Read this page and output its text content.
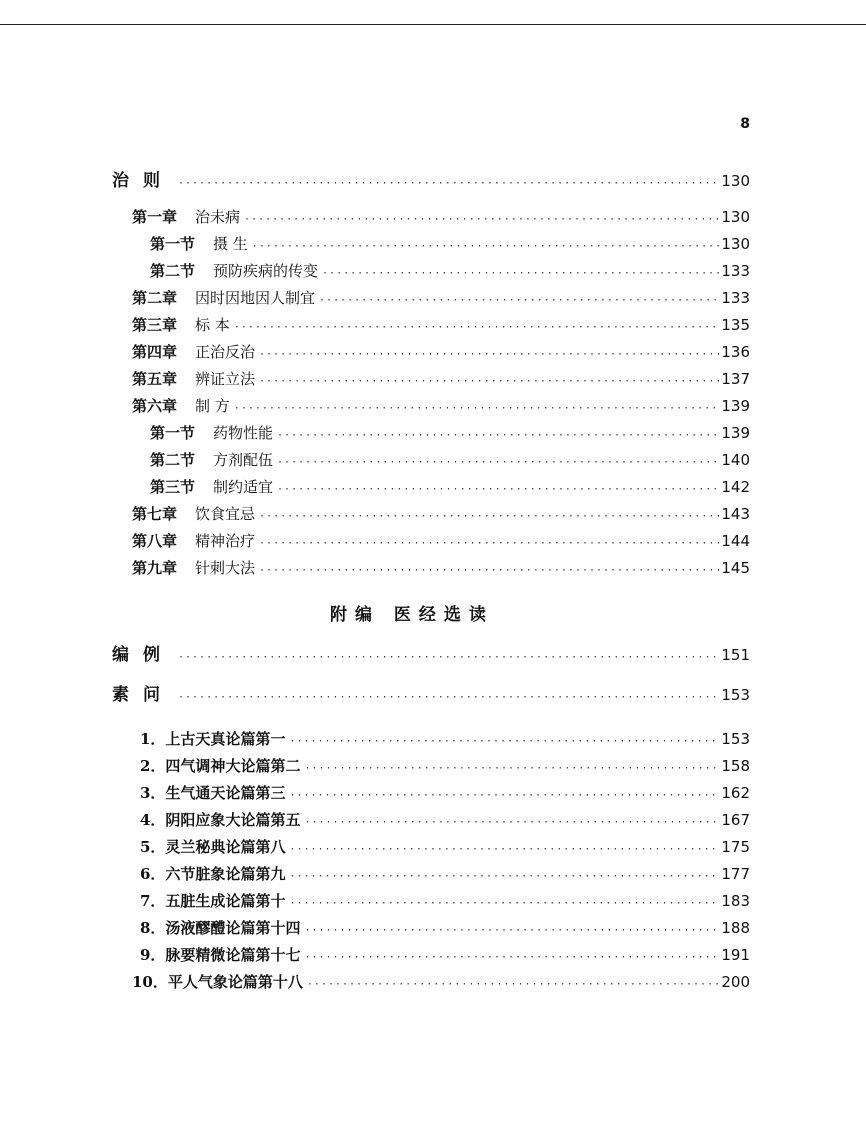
8
治则 ·····	130
第一章 治未病 ·····	130
第一节 摄 生 ·····	130
第二节 预防疾病的传变 ·····	133
第二章 因时因地因人制宜 ·····	133
第三章 标 本 ·····	135
第四章 正治反治 ·····	136
第五章 辨证立法 ·····	137
第六章 制 方 ·····	139
第一节 药物性能 ·····	139
第二节 方剂配伍 ·····	140
第三节 制约适宜 ·····	142
第七章 饮食宜忌 ·····	143
第八章 精神治疗 ·····	144
第九章 针刺大法 ·····	145
附编 医经选读
编例 ·····	151
素问 ·····	153
1．上古天真论篇第一 ·····	153
2．四气调神大论篇第二 ·····	158
3．生气通天论篇第三 ·····	162
4．阴阳应象大论篇第五 ·····	167
5．灵兰秘典论篇第八 ·····	175
6．六节脏象论篇第九 ·····	177
7．五脏生成论篇第十 ·····	183
8．汤液醪醴论篇第十四 ·····	188
9．脉要精微论篇第十七 ·····	191
10．平人气象论篇第十八 ·····	200
